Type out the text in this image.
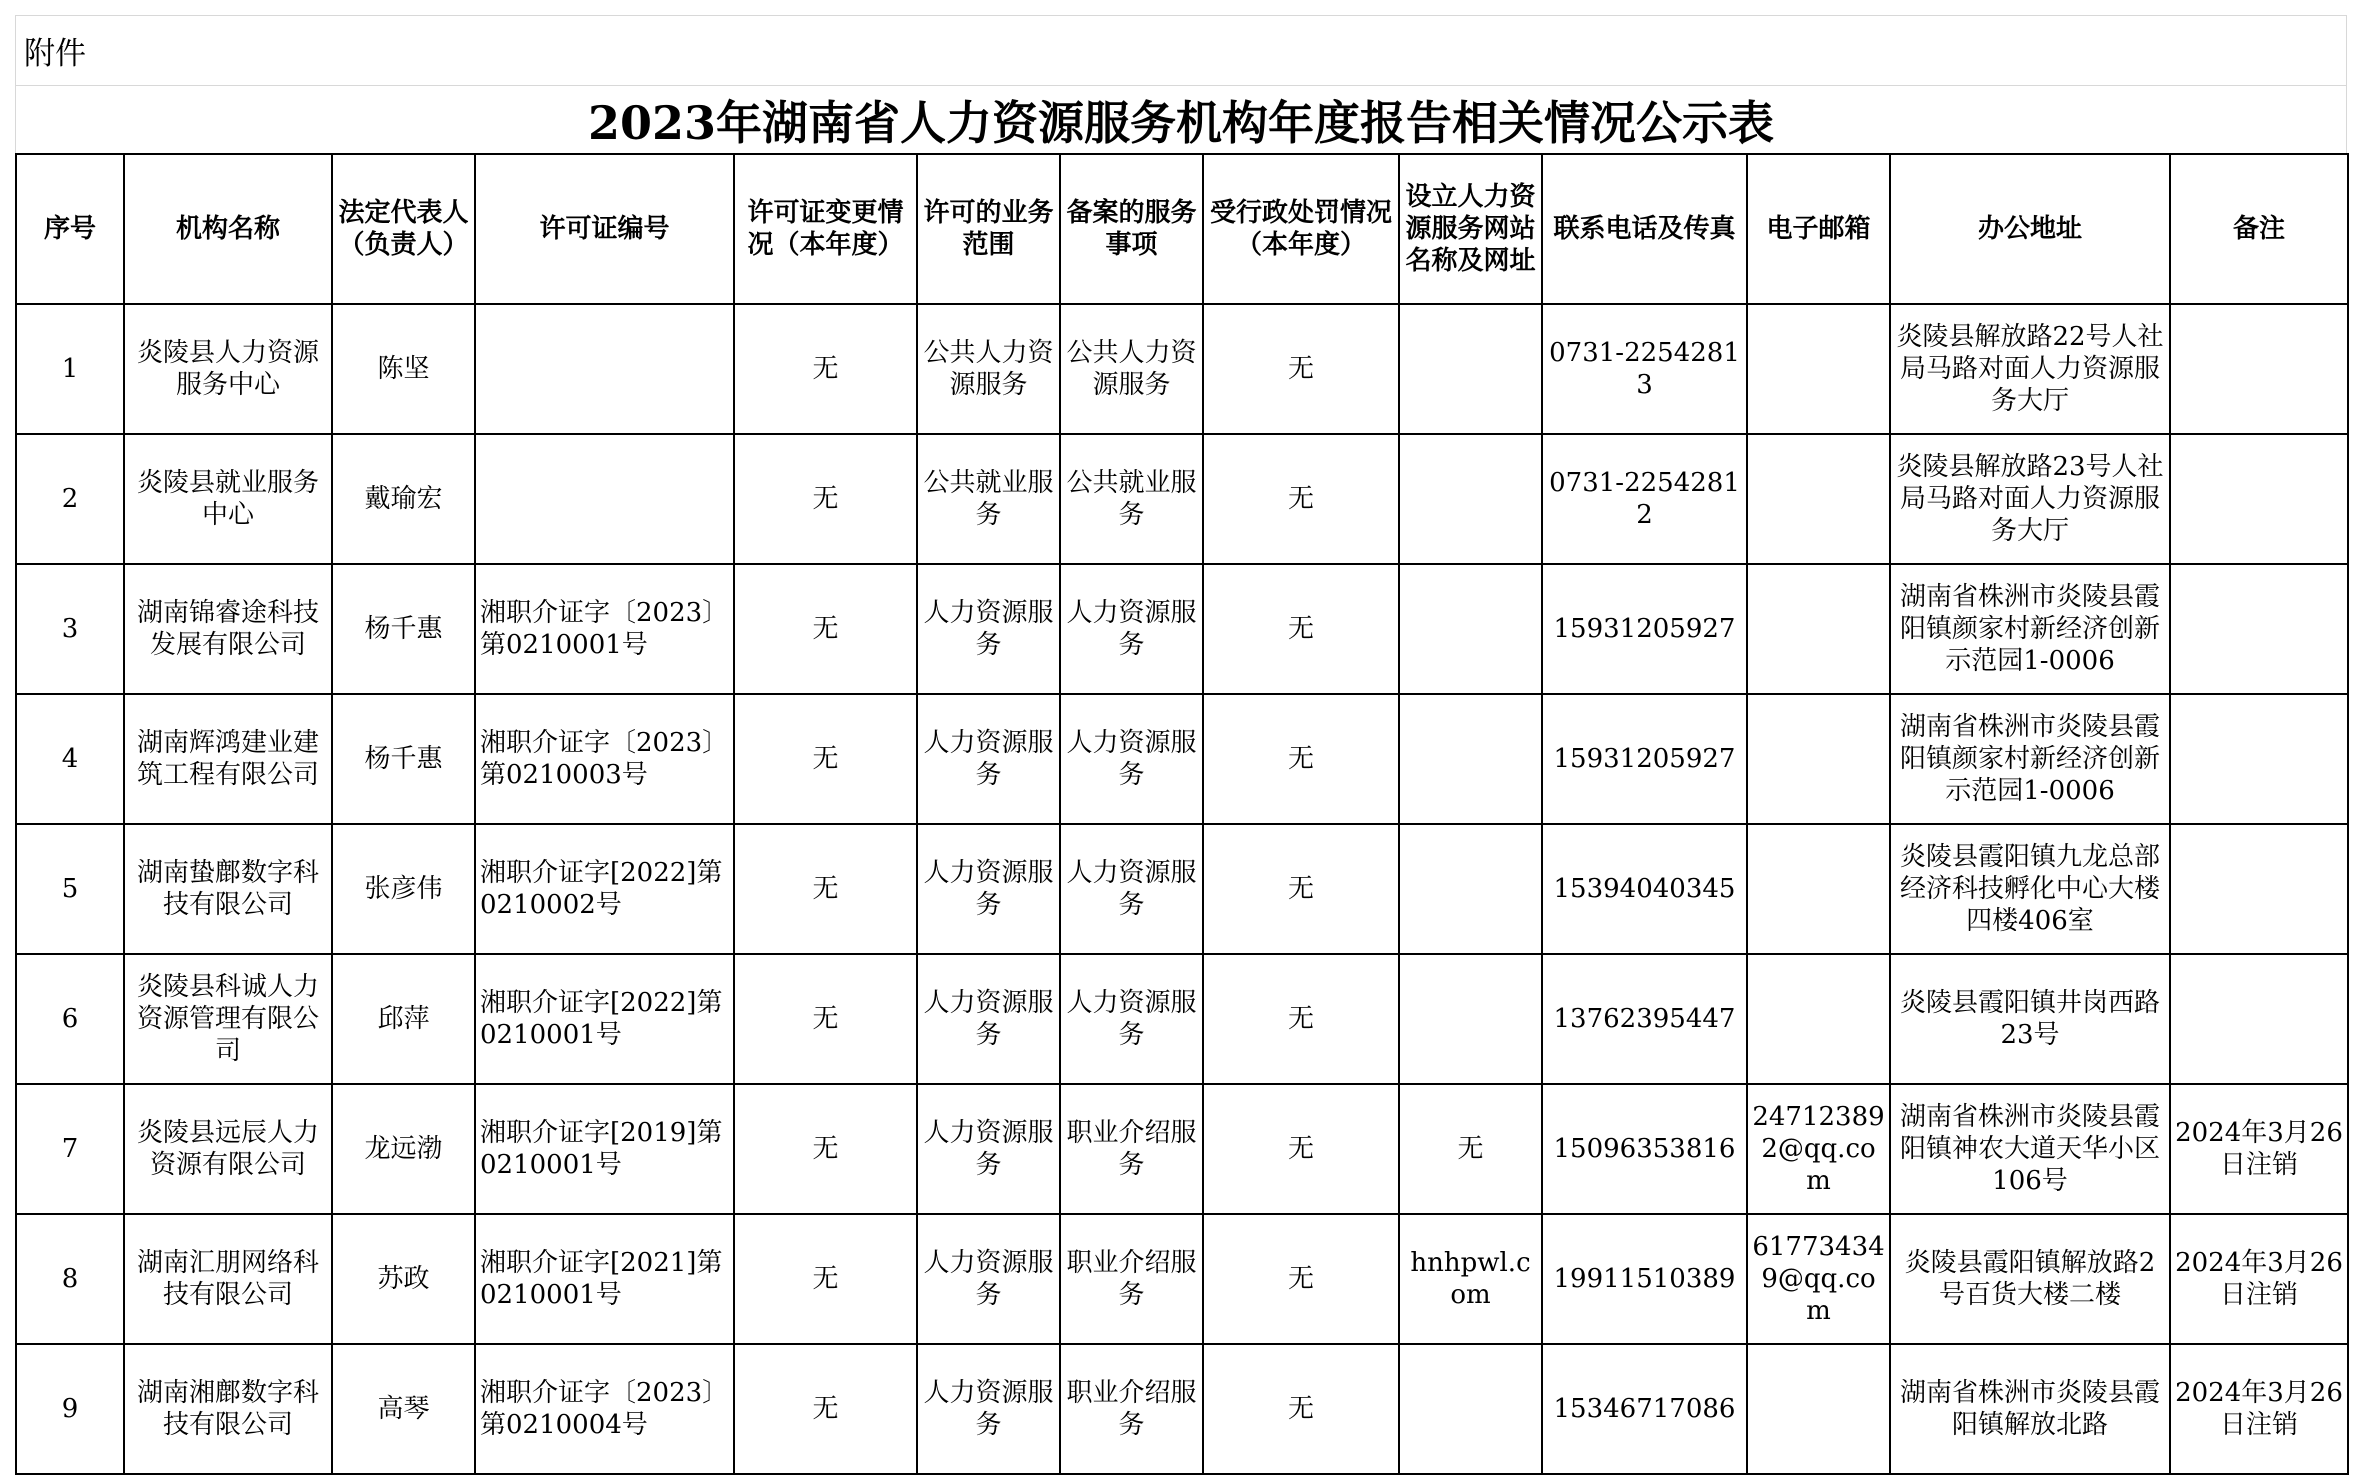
附件
2023年湖南省人力资源服务机构年度报告相关情况公示表
序号	机构名称	法定代表人（负责人）	许可证编号	许可证变更情况（本年度）	许可的业务范围	备案的服务事项	受行政处罚情况（本年度）	设立人力资源服务网站名称及网址	联系电话及传真	电子邮箱	办公地址	备注
1	炎陵县人力资源服务中心	陈坚		无	公共人力资源服务	公共人力资源服务	无		0731-22542813		炎陵县解放路22号人社局马路对面人力资源服务大厅	
2	炎陵县就业服务中心	戴瑜宏		无	公共就业服务	公共就业服务	无		0731-22542812		炎陵县解放路23号人社局马路对面人力资源服务大厅	
3	湖南锦睿途科技发展有限公司	杨千惠	湘职介证字〔2023〕第0210001号	无	人力资源服务	人力资源服务	无		15931205927		湖南省株洲市炎陵县霞阳镇颜家村新经济创新示范园1-0006	
4	湖南辉鸿建业建筑工程有限公司	杨千惠	湘职介证字〔2023〕第0210003号	无	人力资源服务	人力资源服务	无		15931205927		湖南省株洲市炎陵县霞阳镇颜家村新经济创新示范园1-0006	
5	湖南蛰鄜数字科技有限公司	张彦伟	湘职介证字[2022]第0210002号	无	人力资源服务	人力资源服务	无		15394040345		炎陵县霞阳镇九龙总部经济科技孵化中心大楼四楼406室	
6	炎陵县科诚人力资源管理有限公司	邱萍	湘职介证字[2022]第0210001号	无	人力资源服务	人力资源服务	无		13762395447		炎陵县霞阳镇井岗西路23号	
7	炎陵县远辰人力资源有限公司	龙远渤	湘职介证字[2019]第0210001号	无	人力资源服务	职业介绍服务	无	无	15096353816	247123892@qq.com	湖南省株洲市炎陵县霞阳镇神农大道天华小区106号	2024年3月26日注销
8	湖南汇朋网络科技有限公司	苏政	湘职介证字[2021]第0210001号	无	人力资源服务	职业介绍服务	无	hnhpwl.com	19911510389	617734349@qq.com	炎陵县霞阳镇解放路2号百货大楼二楼	2024年3月26日注销
9	湖南湘鄜数字科技有限公司	高琴	湘职介证字〔2023〕第0210004号	无	人力资源服务	职业介绍服务	无		15346717086		湖南省株洲市炎陵县霞阳镇解放北路	2024年3月26日注销
